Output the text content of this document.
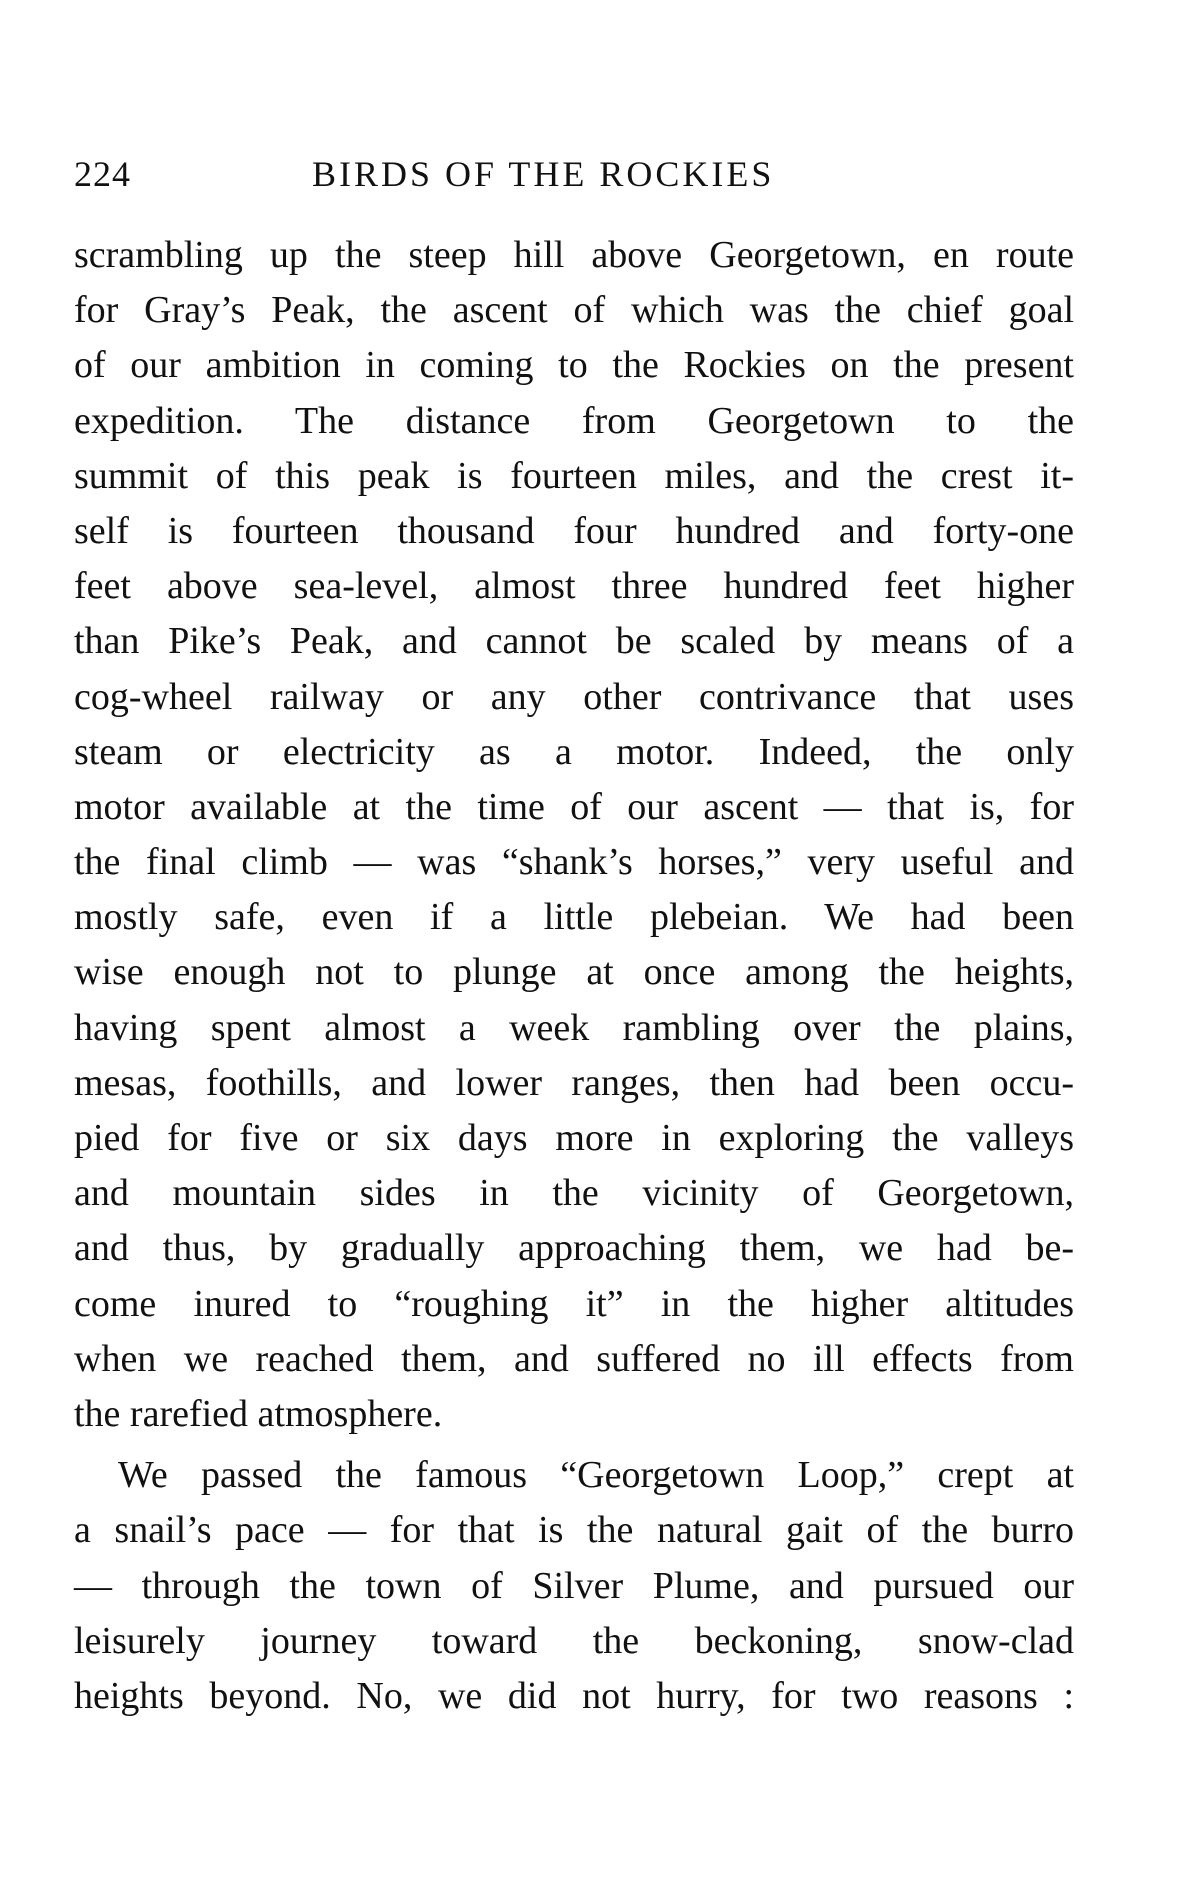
224	BIRDS OF THE ROCKIES
scrambling up the steep hill above Georgetown, en route
for Gray’s Peak, the ascent of which was the chief goal
of our ambition in coming to the Rockies on the present
expedition. The distance from Georgetown to the
summit of this peak is fourteen miles, and the crest it-
self is fourteen thousand four hundred and forty-one
feet above sea-level, almost three hundred feet higher
than Pike’s Peak, and cannot be scaled by means of a
cog-wheel railway or any other contrivance that uses
steam or electricity as a motor. Indeed, the only
motor available at the time of our ascent — that is, for
the final climb — was “shank’s horses,” very useful and
mostly safe, even if a little plebeian. We had been
wise enough not to plunge at once among the heights,
having spent almost a week rambling over the plains,
mesas, foothills, and lower ranges, then had been occu-
pied for five or six days more in exploring the valleys
and mountain sides in the vicinity of Georgetown,
and thus, by gradually approaching them, we had be-
come inured to “roughing it” in the higher altitudes
when we reached them, and suffered no ill effects from
the rarefied atmosphere.
We passed the famous “Georgetown Loop,” crept at
a snail’s pace — for that is the natural gait of the burro
— through the town of Silver Plume, and pursued our
leisurely journey toward the beckoning, snow-clad
heights beyond. No, we did not hurry, for two reasons :
